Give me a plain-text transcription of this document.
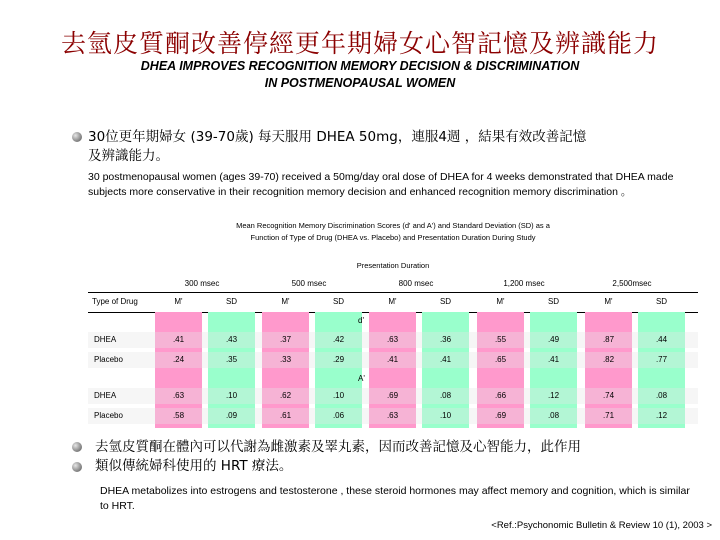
去氫皮質酮改善停經更年期婦女心智記憶及辨識能力
DHEA IMPROVES RECOGNITION MEMORY DECISION & DISCRIMINATION
IN POSTMENOPAUSAL WOMEN
30位更年期婦女 (39-70歲) 每天服用 DHEA 50mg，連服4週 ，結果有效改善記憶
及辨識能力。
30 postmenopausal women (ages 39-70) received a 50mg/day oral dose of DHEA for 4 weeks demonstrated that DHEA made subjects more conservative in their recognition memory decision and enhanced recognition memory discrimination 。
Mean Recognition Memory Discrimination Scores (d' and A') and Standard Deviation (SD) as a
Function of Type of Drug (DHEA vs. Placebo) and Presentation Duration During Study
Presentation Duration
300 msec	500 msec	800 msec	1,200 msec	2,500msec
Type of Drug	M'	SD	M'	SD	M'	SD	M'	SD	M'	SD
d'
DHEA	.41	.43	.37	.42	.63	.36	.55	.49	.87	.44
Placebo	.24	.35	.33	.29	.41	.41	.65	.41	.82	.77
A'
DHEA	.63	.10	.62	.10	.69	.08	.66	.12	.74	.08
Placebo	.58	.09	.61	.06	.63	.10	.69	.08	.71	.12
去氫皮質酮在體內可以代謝為雌激素及睪丸素，因而改善記憶及心智能力，此作用
類似傳統婦科使用的 HRT 療法。
DHEA metabolizes into estrogens and testosterone , these steroid hormones may affect memory and cognition, which is similar to HRT.
<Ref.:Psychonomic Bulletin & Review 10 (1), 2003 >
